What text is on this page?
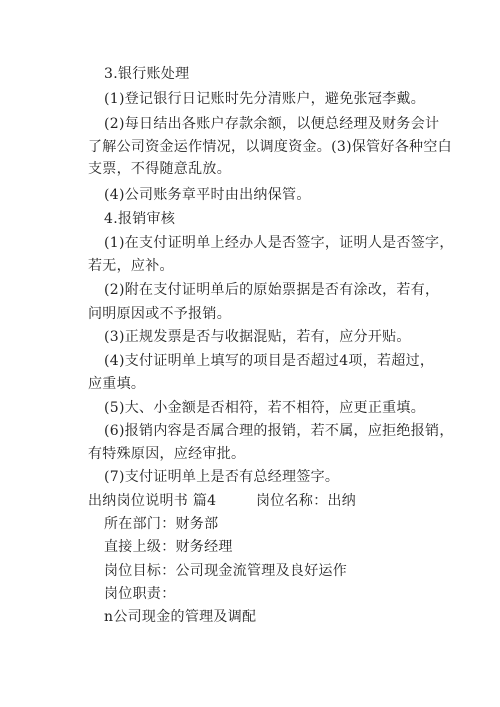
3.银行账处理
(1)登记银行日记账时先分清账户，避免张冠李戴。
(2)每日结出各账户存款余额，以便总经理及财务会计
了解公司资金运作情况，以调度资金。(3)保管好各种空白
支票，不得随意乱放。
(4)公司账务章平时由出纳保管。
4.报销审核
(1)在支付证明单上经办人是否签字，证明人是否签字，
若无，应补。
(2)附在支付证明单后的原始票据是否有涂改，若有，
问明原因或不予报销。
(3)正规发票是否与收据混贴，若有，应分开贴。
(4)支付证明单上填写的项目是否超过4项，若超过，
应重填。
(5)大、小金额是否相符，若不相符，应更正重填。
(6)报销内容是否属合理的报销，若不属，应拒绝报销，
有特殊原因，应经审批。
(7)支付证明单上是否有总经理签字。
出纳岗位说明书 篇4	岗位名称：出纳
所在部门：财务部
直接上级：财务经理
岗位目标：公司现金流管理及良好运作
岗位职责：
n公司现金的管理及调配
